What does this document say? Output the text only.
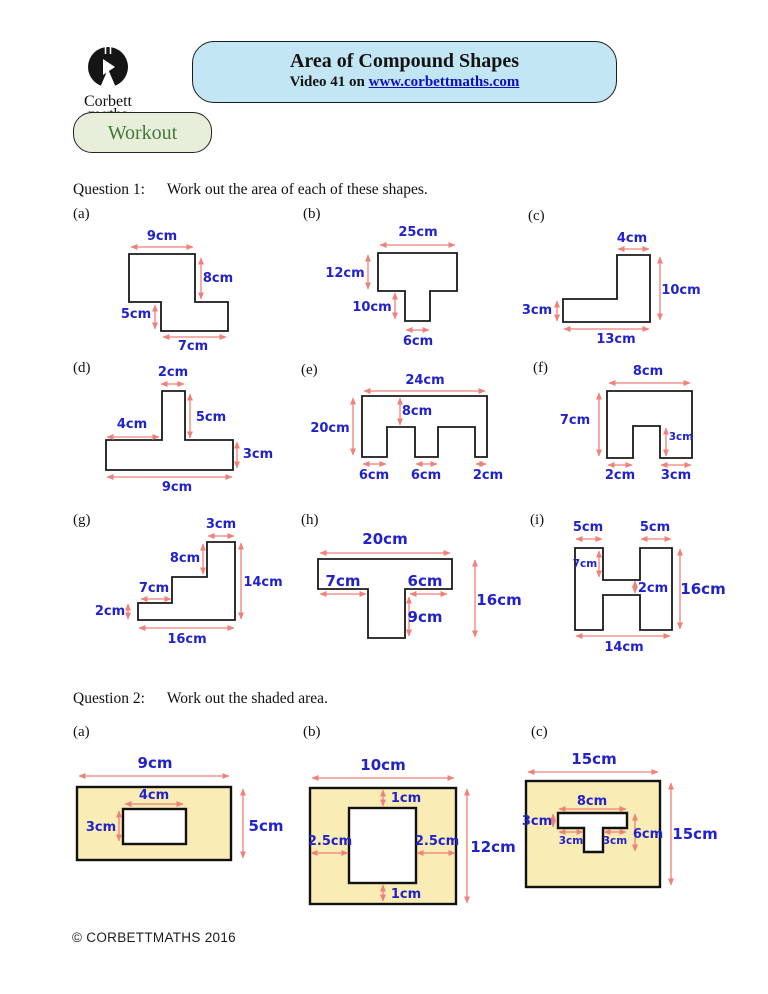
Corbett
Area of Compound Shapes
Video 41 on www.corbettmaths.com
Workout
Question 1: Work out the area of each of these shapes.
(a)	(b)	(c)
(d)	(e)	(f)
(g)	(h)	(i)
9cm
8cm
5cm
7cm
25cm
12cm
10cm
6cm
4cm
10cm
3cm
13cm
2cm
5cm
4cm
3cm
9cm
24cm
20cm
8cm
6cm 6cm 2cm
8cm
7cm
3cm
2cm 3cm
3cm
8cm
7cm
2cm
14cm
16cm
20cm
7cm	6cm
9cm
16cm
5cm	5cm
7cm
2cm 16cm
14cm
Question 2: Work out the shaded area.
(a)	(b)	(c)
9cm
5cm
4cm
3cm
10cm
12cm
1cm
1cm
2.5cm	2.5cm
15cm
15cm
8cm
3cm
3cm 3cm 6cm
© CORBETTMATHS 2016
